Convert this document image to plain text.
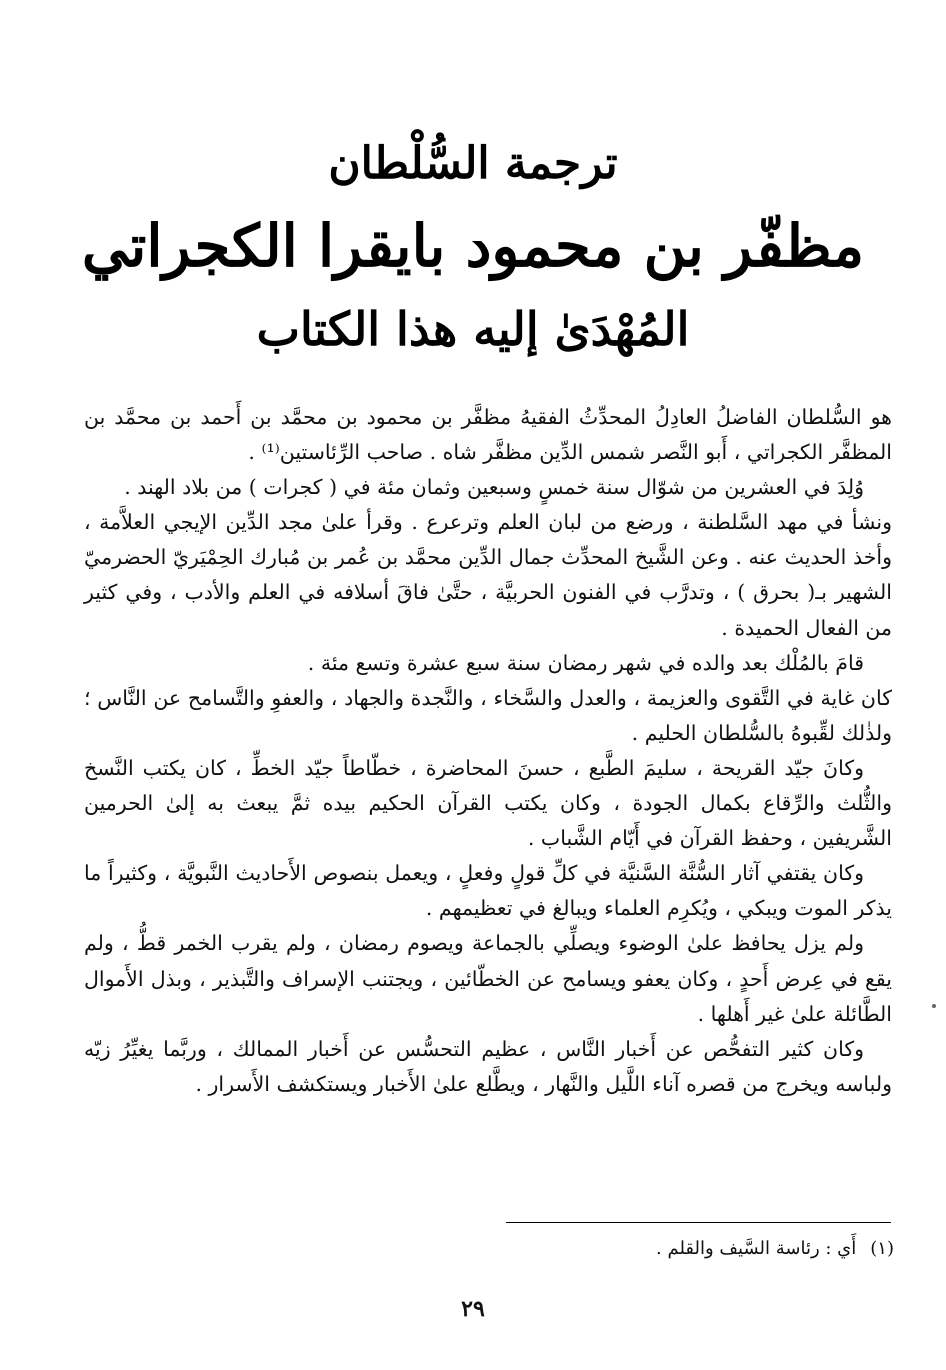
ترجمة السُّلْطان
مظفّر بن محمود بايقرا الكجراتي
المُهْدَىٰ إليه هذا الكتاب

هو السُّلطان الفاضلُ العادِلُ المحدِّثُ الفقيهُ مظفَّر بن محمود بن محمَّد بن أَحمد بن محمَّد بن المظفَّر الكجراتي ، أَبو النَّصر شمس الدِّين مظفَّر شاه . صاحب الرِّئاستين⁽¹⁾ .

وُلِدَ في العشرين من شوّال سنة خمسٍ وسبعين وثمان مئة في ( كجرات ) من بلاد الهند .

ونشأ في مهد السَّلطنة ، ورضع من لبان العلم وترعرع . وقرأ علىٰ مجد الدِّين الإيجي العلاَّمة ، وأخذ الحديث عنه . وعن الشَّيخ المحدِّث جمال الدِّين محمَّد بن عُمر بن مُبارك الحِمْيَريّ الحضرميّ الشهير بـ( بحرق ) ، وتدرَّب في الفنون الحربيَّة ، حتَّىٰ فاقَ أسلافه في العلم والأدب ، وفي كثير من الفعال الحميدة .

قامَ بالمُلْك بعد والده في شهر رمضان سنة سبع عشرة وتسع مئة .

كان غاية في التَّقوى والعزيمة ، والعدل والسَّخاء ، والنَّجدة والجهاد ، والعفوِ والتَّسامح عن النَّاس ؛ ولذٰلك لقِّبوهُ بالسُّلطان الحليم .

وكانَ جيّد القريحة ، سليمَ الطَّبع ، حسنَ المحاضرة ، خطّاطاً جيّد الخطِّ ، كان يكتب النَّسخ والثُّلث والرِّقاع بكمال الجودة ، وكان يكتب القرآن الحكيم بيده ثمَّ يبعث به إلىٰ الحرمين الشَّريفين ، وحفظ القرآن في أَيّام الشَّباب .

وكان يقتفي آثار السُّنَّة السَّنيَّة في كلِّ قولٍ وفعلٍ ، ويعمل بنصوص الأَحاديث النَّبويَّة ، وكثيراً ما يذكر الموت ويبكي ، ويُكرِم العلماء ويبالغ في تعظيمهم .

ولم يزل يحافظ علىٰ الوضوء ويصلِّي بالجماعة ويصوم رمضان ، ولم يقرب الخمر قطُّ ، ولم يقع في عِرض أَحدٍ ، وكان يعفو ويسامح عن الخطّائين ، ويجتنب الإسراف والتَّبذير ، وبذل الأَموال الطَّائلة علىٰ غير أَهلها .

وكان كثير التفحُّص عن أَخبار النَّاس ، عظيم التحسُّس عن أَخبار الممالك ، وربَّما يغيِّرُ زيّه ولباسه ويخرج من قصره آناء اللَّيل والنَّهار ، ويطَّلع علىٰ الأَخبار ويستكشف الأَسرار .

(١)أَي : رئاسة السَّيف والقلم .
٢٩
